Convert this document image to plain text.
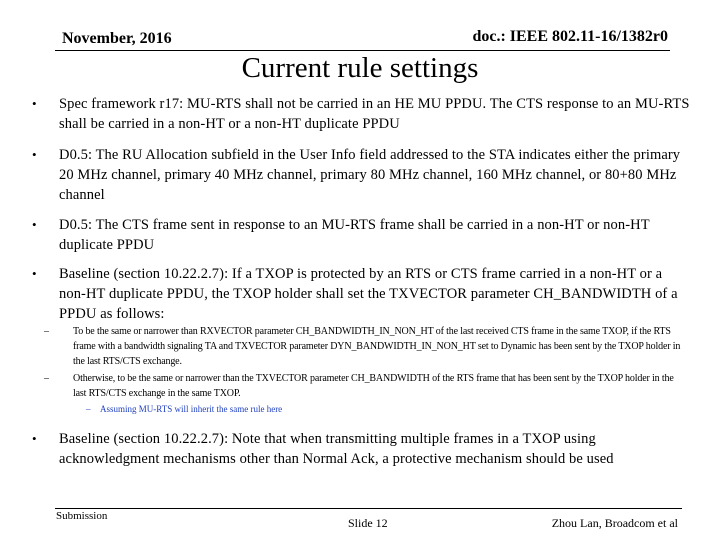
November, 2016	doc.: IEEE 802.11-16/1382r0
Current rule settings
• Spec framework r17: MU-RTS shall not be carried in an HE MU PPDU. The CTS response to an MU-RTS shall be carried in a non-HT or a non-HT duplicate PPDU
• D0.5: The RU Allocation subfield in the User Info field addressed to the STA indicates either the primary 20 MHz channel, primary 40 MHz channel, primary 80 MHz channel, 160 MHz channel, or 80+80 MHz channel
• D0.5: The CTS frame sent in response to an MU-RTS frame shall be carried in a non-HT or non-HT duplicate PPDU
• Baseline (section 10.22.2.7): If a TXOP is protected by an RTS or CTS frame carried in a non-HT or a non-HT duplicate PPDU, the TXOP holder shall set the TXVECTOR parameter CH_BANDWIDTH of a PPDU as follows:
– To be the same or narrower than RXVECTOR parameter CH_BANDWIDTH_IN_NON_HT of the last received CTS frame in the same TXOP, if the RTS frame with a bandwidth signaling TA and TXVECTOR parameter DYN_BANDWIDTH_IN_NON_HT set to Dynamic has been sent by the TXOP holder in the last RTS/CTS exchange.
– Otherwise, to be the same or narrower than the TXVECTOR parameter CH_BANDWIDTH of the RTS frame that has been sent by the TXOP holder in the last RTS/CTS exchange in the same TXOP.
– Assuming MU-RTS will inherit the same rule here
• Baseline (section 10.22.2.7): Note that when transmitting multiple frames in a TXOP using acknowledgment mechanisms other than Normal Ack, a protective mechanism should be used
Submission	Slide 12	Zhou Lan, Broadcom et al
